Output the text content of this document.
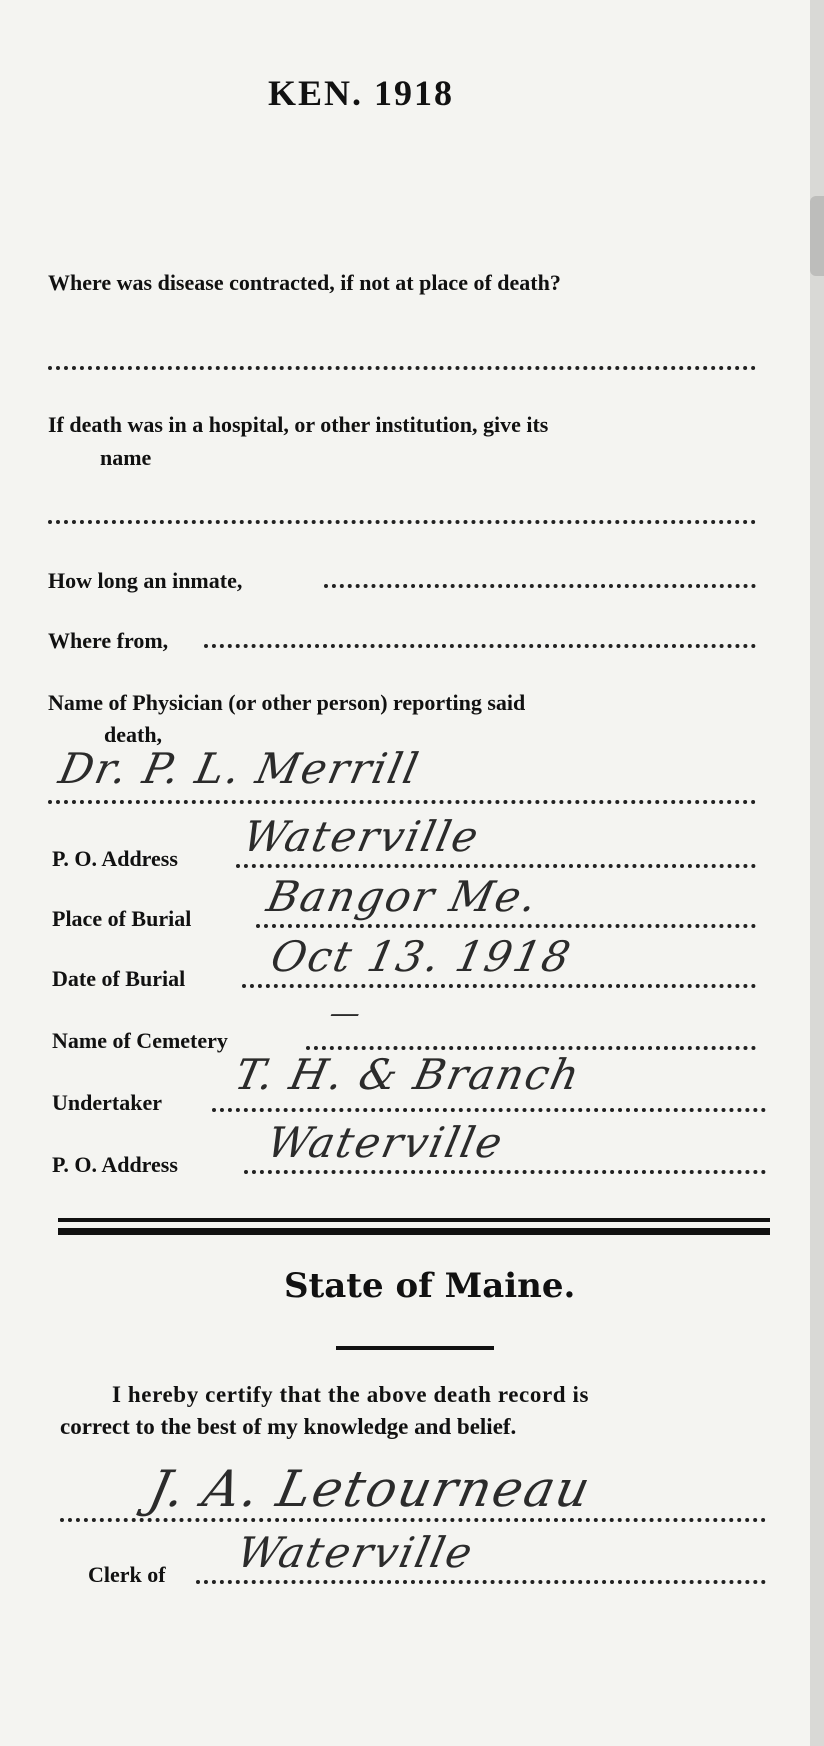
KEN. 1918
Where was disease contracted, if not at place of death?
If death was in a hospital, or other institution, give its
name
How long an inmate,
Where from,
Name of Physician (or other person) reporting said
death,
Dr. P. L. Merrill
P. O. Address Waterville
Place of Burial Bangor Me.
Date of Burial Oct 13. 1918
Name of Cemetery
—
Undertaker
T. H. & Branch
P. O. Address Waterville
State of Maine.
I hereby certify that the above death record is
correct to the best of my knowledge and belief.
J. A. Letourneau
Clerk of Waterville
